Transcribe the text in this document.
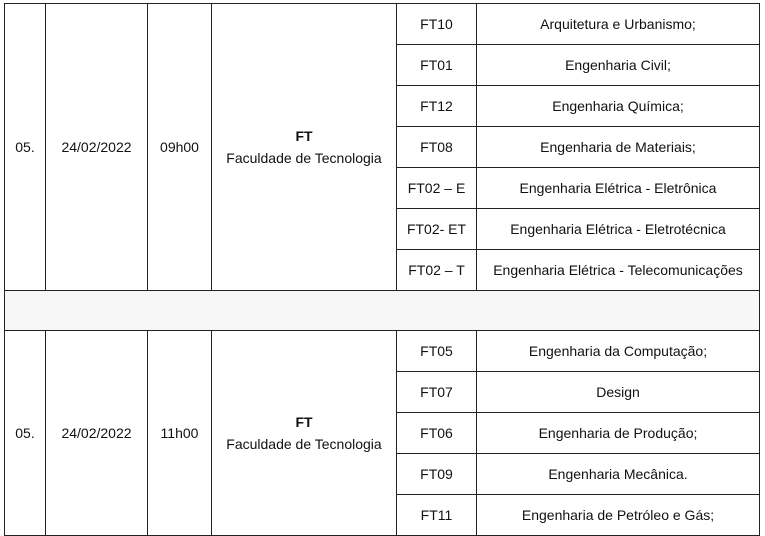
05.	24/02/2022	09h00	FT
Faculdade de Tecnologia	FT10	Arquitetura e Urbanismo;
				FT01	Engenharia Civil;
				FT12	Engenharia Química;
				FT08	Engenharia de Materiais;
				FT02 – E	Engenharia Elétrica - Eletrônica
				FT02- ET	Engenharia Elétrica - Eletrotécnica
				FT02 – T	Engenharia Elétrica - Telecomunicações

05.	24/02/2022	11h00	FT
Faculdade de Tecnologia	FT05	Engenharia da Computação;
				FT07	Design
				FT06	Engenharia de Produção;
				FT09	Engenharia Mecânica.
				FT11	Engenharia de Petróleo e Gás;
